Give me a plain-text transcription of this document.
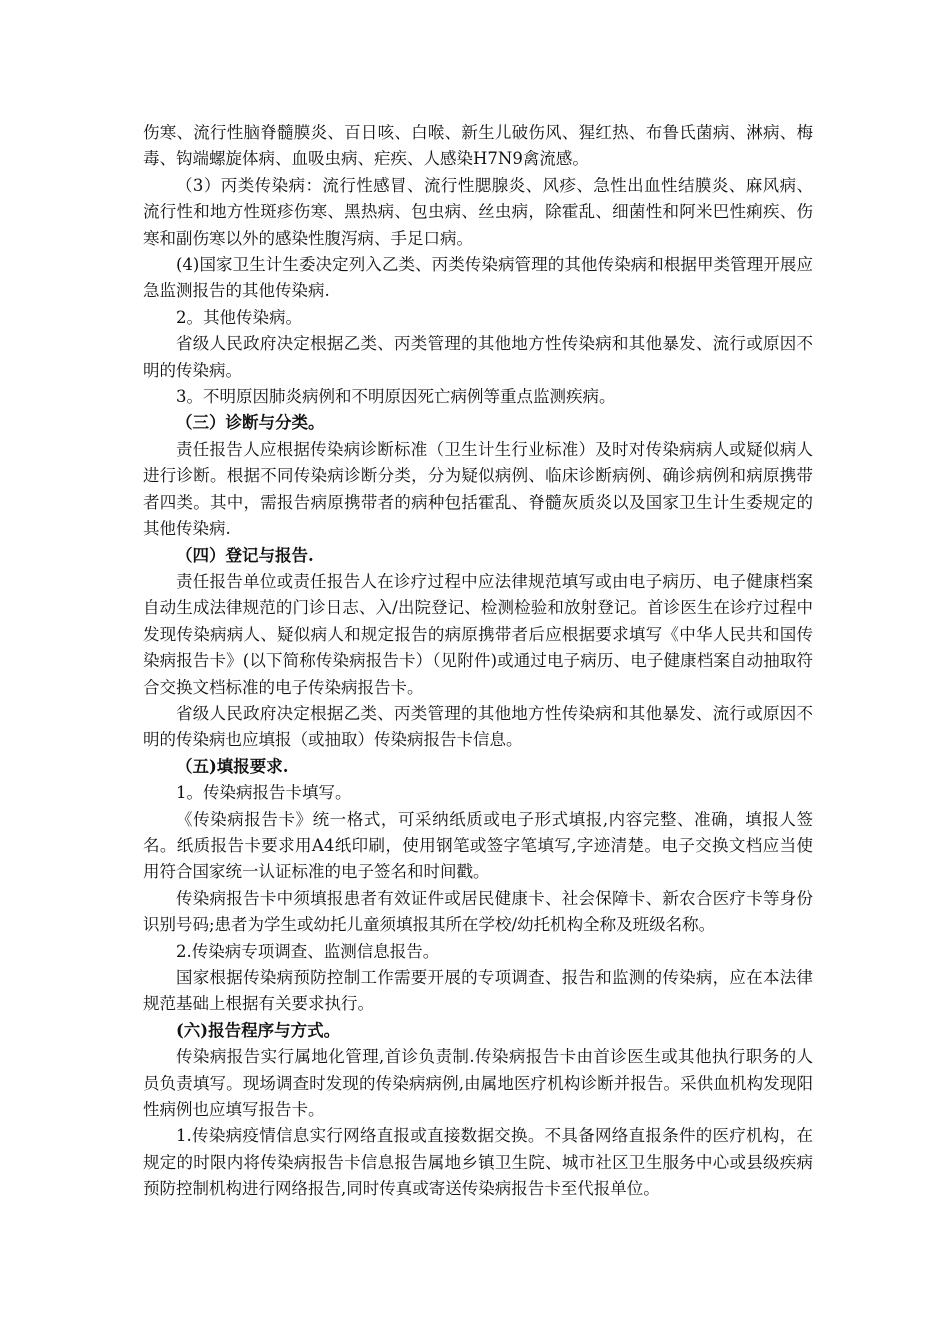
伤寒、流行性脑脊髓膜炎、百日咳、白喉、新生儿破伤风、猩红热、布鲁氏菌病、淋病、梅毒、钩端螺旋体病、血吸虫病、疟疾、人感染H7N9禽流感。

（3）丙类传染病：流行性感冒、流行性腮腺炎、风疹、急性出血性结膜炎、麻风病、流行性和地方性斑疹伤寒、黑热病、包虫病、丝虫病，除霍乱、细菌性和阿米巴性痢疾、伤寒和副伤寒以外的感染性腹泻病、手足口病。

(4)国家卫生计生委决定列入乙类、丙类传染病管理的其他传染病和根据甲类管理开展应急监测报告的其他传染病.

2。其他传染病。

省级人民政府决定根据乙类、丙类管理的其他地方性传染病和其他暴发、流行或原因不明的传染病。

3。不明原因肺炎病例和不明原因死亡病例等重点监测疾病。

（三）诊断与分类。

责任报告人应根据传染病诊断标准（卫生计生行业标准）及时对传染病病人或疑似病人进行诊断。根据不同传染病诊断分类，分为疑似病例、临床诊断病例、确诊病例和病原携带者四类。其中，需报告病原携带者的病种包括霍乱、脊髓灰质炎以及国家卫生计生委规定的其他传染病.

（四）登记与报告.

责任报告单位或责任报告人在诊疗过程中应法律规范填写或由电子病历、电子健康档案自动生成法律规范的门诊日志、入/出院登记、检测检验和放射登记。首诊医生在诊疗过程中发现传染病病人、疑似病人和规定报告的病原携带者后应根据要求填写《中华人民共和国传染病报告卡》(以下简称传染病报告卡）（见附件)或通过电子病历、电子健康档案自动抽取符合交换文档标准的电子传染病报告卡。

省级人民政府决定根据乙类、丙类管理的其他地方性传染病和其他暴发、流行或原因不明的传染病也应填报（或抽取）传染病报告卡信息。

（五)填报要求.

1。传染病报告卡填写。

《传染病报告卡》统一格式，可采纳纸质或电子形式填报,内容完整、准确，填报人签名。纸质报告卡要求用A4纸印刷，使用钢笔或签字笔填写,字迹清楚。电子交换文档应当使用符合国家统一认证标准的电子签名和时间戳。

传染病报告卡中须填报患者有效证件或居民健康卡、社会保障卡、新农合医疗卡等身份识别号码;患者为学生或幼托儿童须填报其所在学校/幼托机构全称及班级名称。

2.传染病专项调查、监测信息报告。

国家根据传染病预防控制工作需要开展的专项调查、报告和监测的传染病，应在本法律规范基础上根据有关要求执行。

(六)报告程序与方式。

传染病报告实行属地化管理,首诊负责制.传染病报告卡由首诊医生或其他执行职务的人员负责填写。现场调查时发现的传染病病例,由属地医疗机构诊断并报告。采供血机构发现阳性病例也应填写报告卡。

1.传染病疫情信息实行网络直报或直接数据交换。不具备网络直报条件的医疗机构，在规定的时限内将传染病报告卡信息报告属地乡镇卫生院、城市社区卫生服务中心或县级疾病预防控制机构进行网络报告,同时传真或寄送传染病报告卡至代报单位。
